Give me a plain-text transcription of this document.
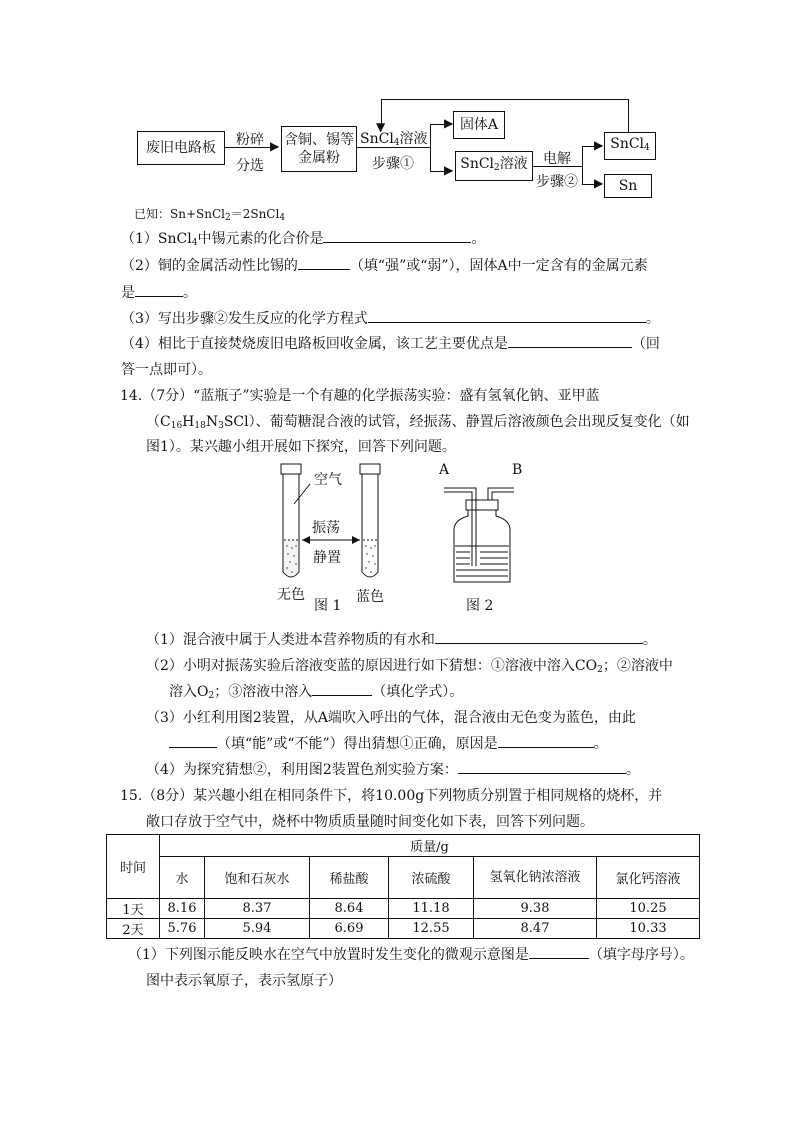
废旧电路板	▶
粉碎
分选
含铜、锡等
金属粉
SnCl$_4$溶液
步骤①
▶
▶
固体A
SnCl$_2$溶液
▼
▶
▶
电解
步骤②
SnCl$_4$
Sn
已知：Sn+SnCl$_2$＝2SnCl$_4$
（1）SnCl$_4$中锡元素的化合价是	。
（2）铜的金属活动性比锡的	（填“强”或“弱”），固体A中一定含有的金属元素
是	。
（3）写出步骤②发生反应的化学方程式	。
（4）相比于直接焚烧废旧电路板回收金属，该工艺主要优点是	（回
答一点即可）。
14.（7分）“蓝瓶子”实验是一个有趣的化学振荡实验：盛有氢氧化钠、亚甲蓝
$(C_{16}H_{18}N_3SCl)$、葡萄糖混合液的试管，经振荡、静置后溶液颜色会出现反复变化（如
图1）。某兴趣小组开展如下探究，回答下列问题。
空气
振荡
静置
无色	蓝色
图 1
A	B
图 2
（1）混合液中属于人类进本营养物质的有水和	。
（2）小明对振荡实验后溶液变蓝的原因进行如下猜想：①溶液中溶入$CO_2$；②溶液中
溶入$O_2$；③溶液中溶入	（填化学式）。
（3）小红利用图2装置，从A端吹入呼出的气体，混合液由无色变为蓝色，由此
（填“能”或“不能”）得出猜想①正确，原因是	。
（4）为探究猜想②，利用图2装置色剂实验方案：	。
15.（8分）某兴趣小组在相同条件下，将10.00g下列物质分别置于相同规格的烧杯，并
敞口存放于空气中，烧杯中物质质量随时间变化如下表，回答下列问题。
时间	质量/g					
	水	饱和石灰水	稀盐酸	浓硫酸	氢氧化钠浓溶液	氯化钙溶液
1天	8.16	8.37	8.64	11.18	9.38	10.25
2天	5.76	5.94	6.69	12.55	8.47	10.33
（1）下列图示能反映水在空气中放置时发生变化的微观示意图是	（填字母序号）。
图中表示氧原子，表示氢原子）
